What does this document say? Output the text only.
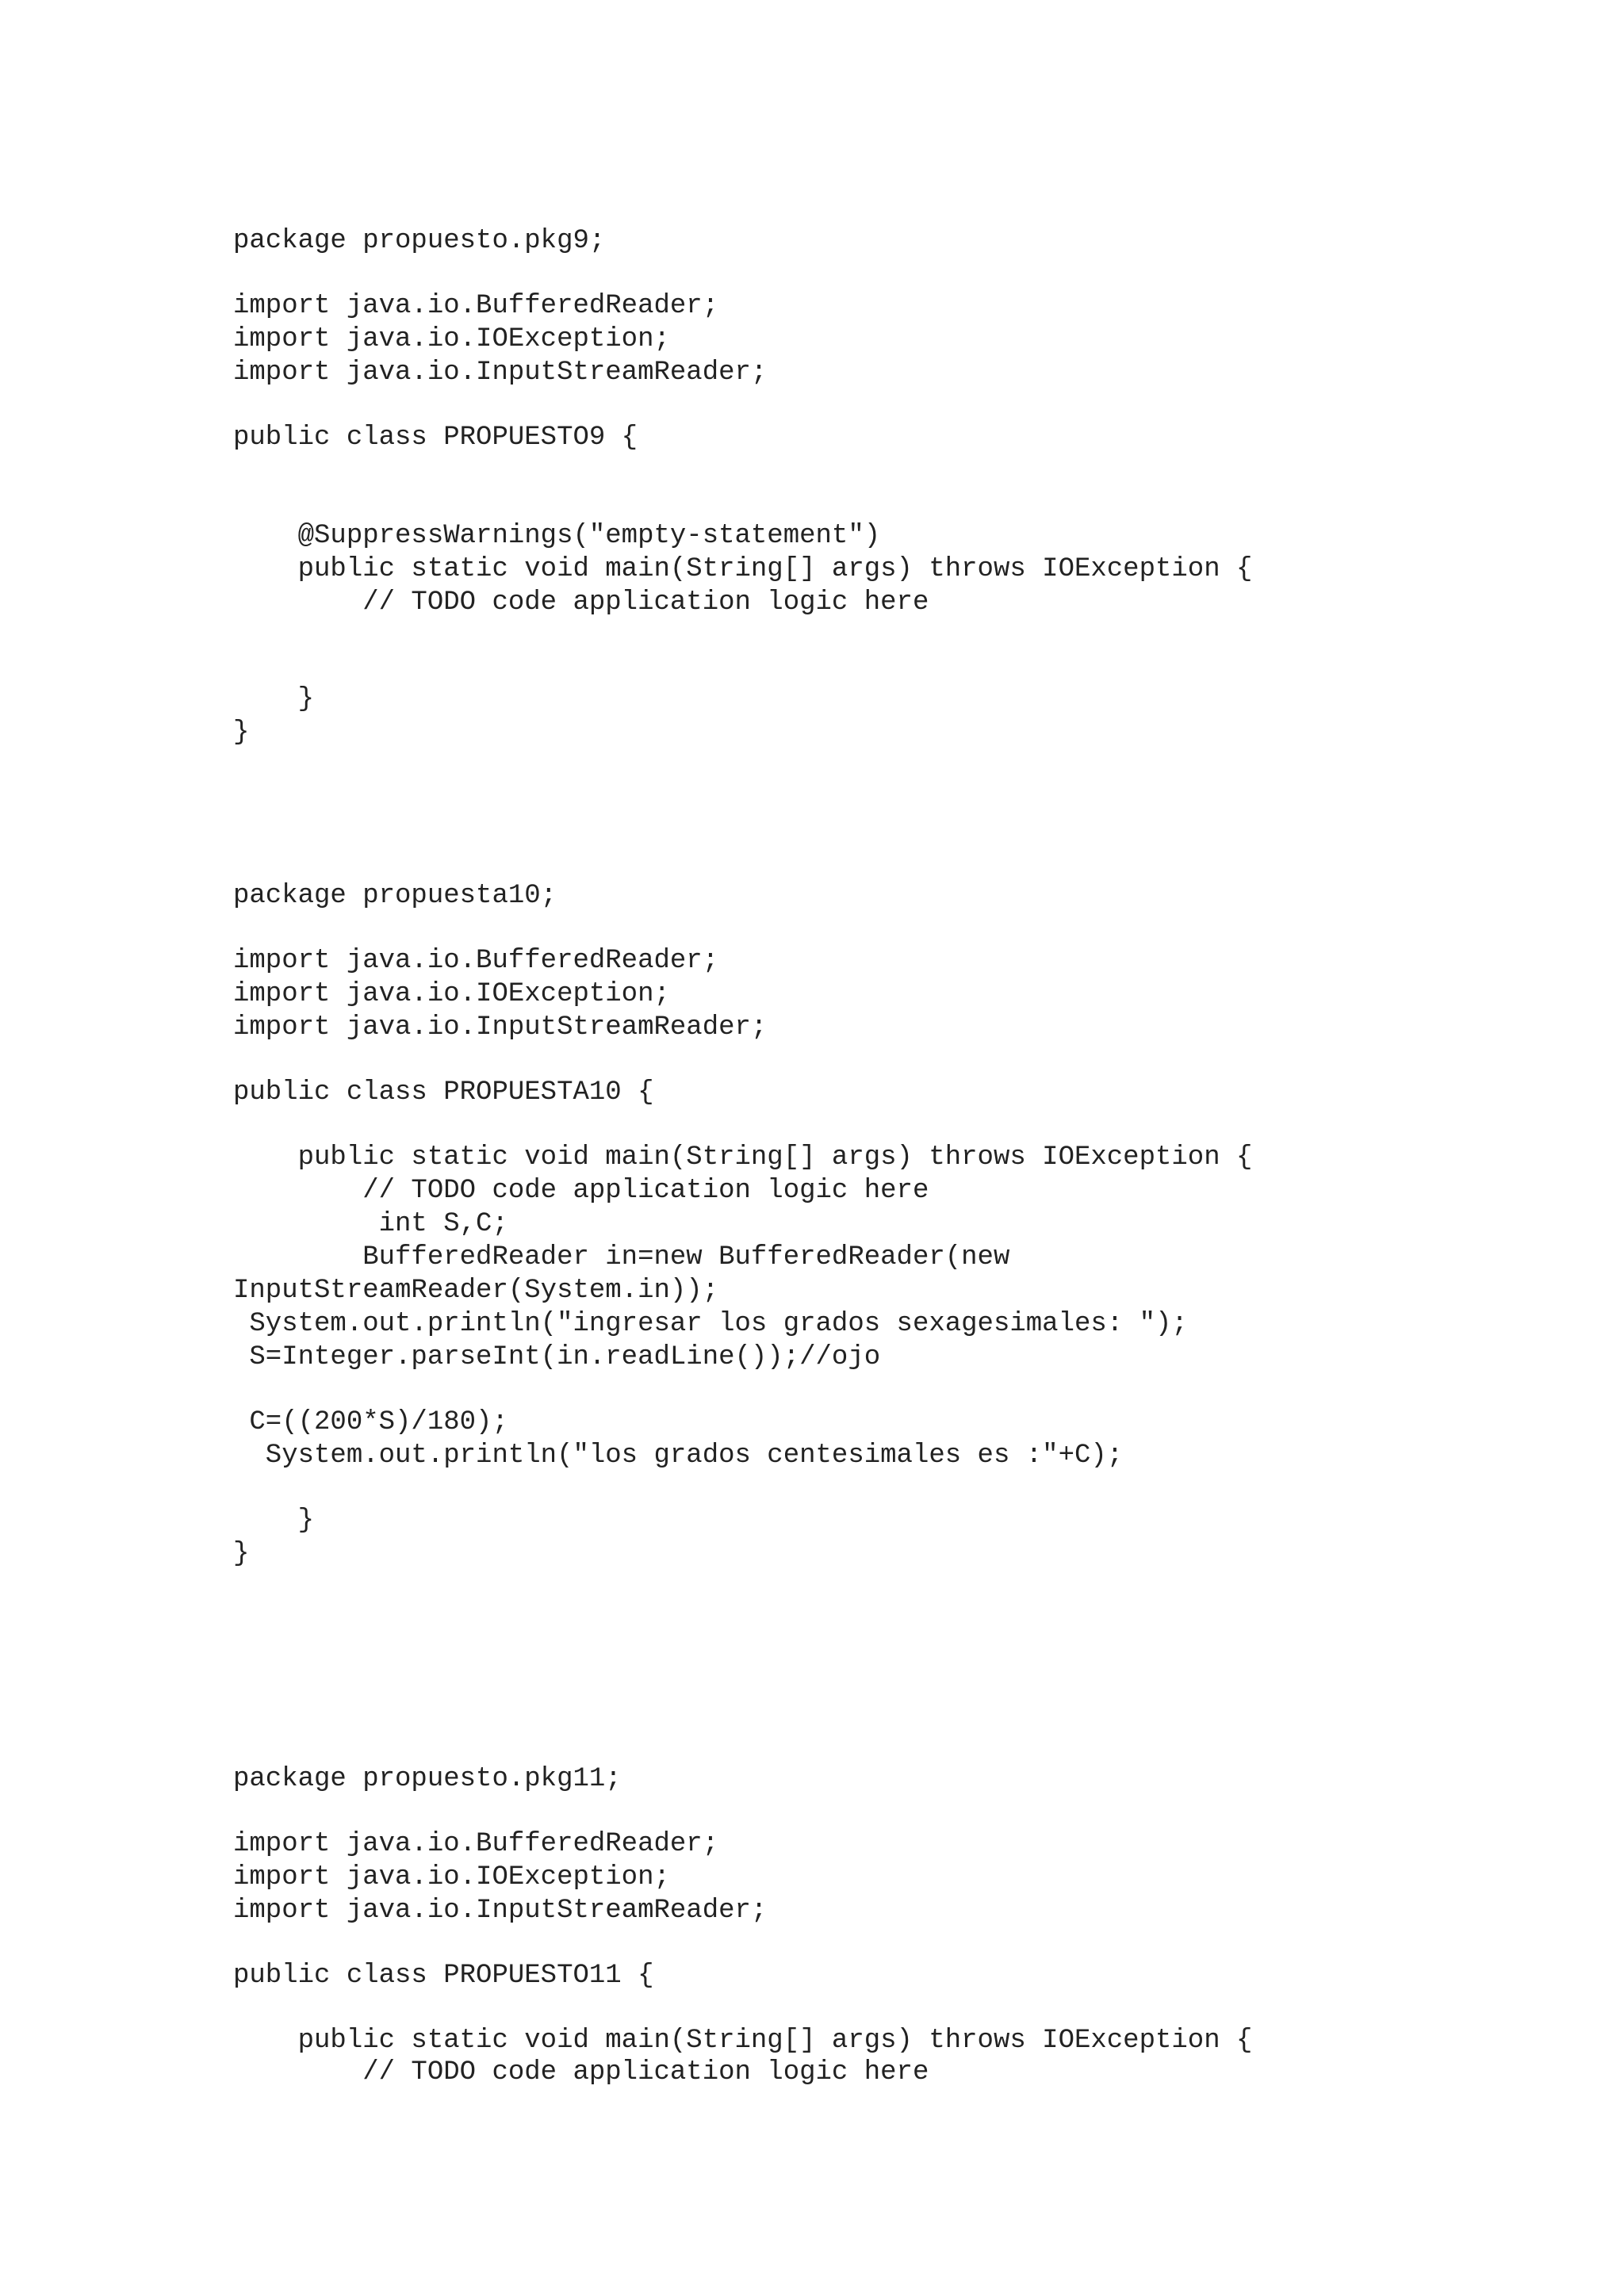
package propuesto.pkg9;
import java.io.BufferedReader;
import java.io.IOException;
import java.io.InputStreamReader;
public class PROPUESTO9 {
@SuppressWarnings("empty-statement")
public static void main(String[] args) throws IOException {
// TODO code application logic here
}
}
package propuesta10;
import java.io.BufferedReader;
import java.io.IOException;
import java.io.InputStreamReader;
public class PROPUESTA10 {
public static void main(String[] args) throws IOException {
// TODO code application logic here
int S,C;
BufferedReader in=new BufferedReader(new
InputStreamReader(System.in));
System.out.println("ingresar los grados sexagesimales: ");
S=Integer.parseInt(in.readLine());//ojo
C=((200*S)/180);
System.out.println("los grados centesimales es :"+C);
}
}
package propuesto.pkg11;
import java.io.BufferedReader;
import java.io.IOException;
import java.io.InputStreamReader;
public class PROPUESTO11 {
public static void main(String[] args) throws IOException {
// TODO code application logic here
